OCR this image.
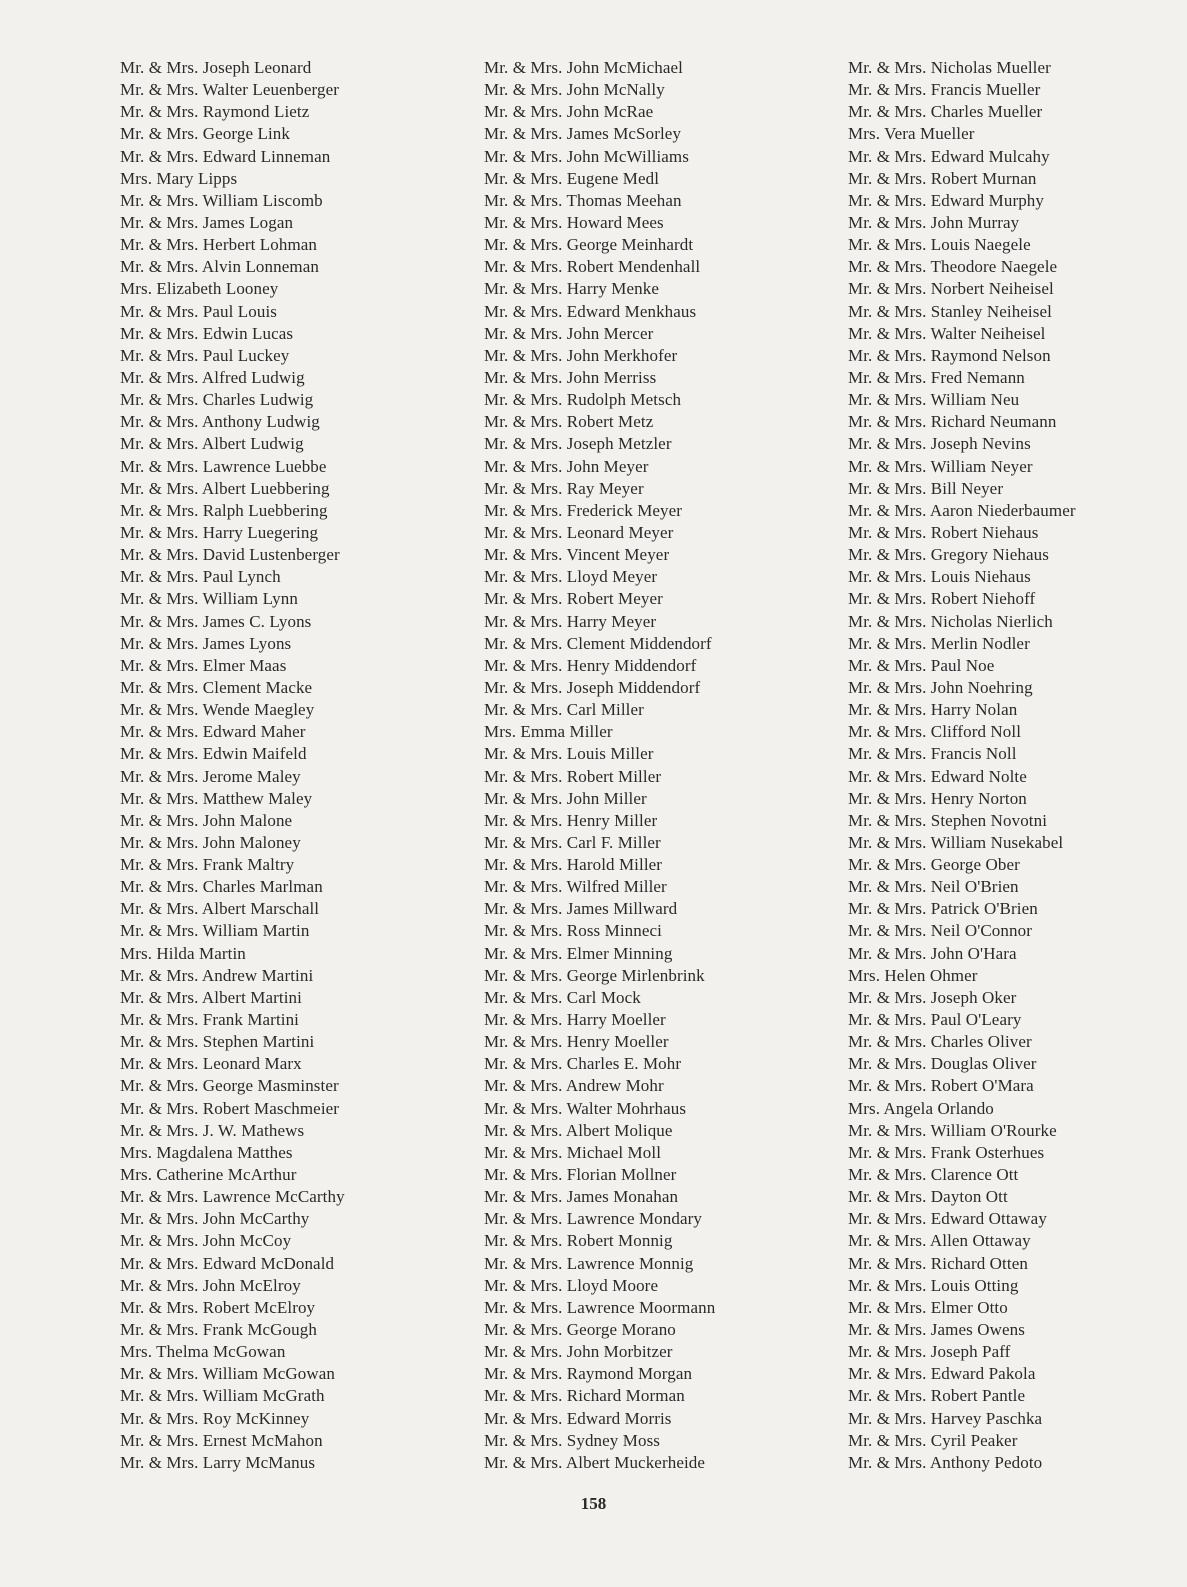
Mr. & Mrs. Joseph Leonard
Mr. & Mrs. Walter Leuenberger
Mr. & Mrs. Raymond Lietz
Mr. & Mrs. George Link
Mr. & Mrs. Edward Linneman
Mrs. Mary Lipps
Mr. & Mrs. William Liscomb
Mr. & Mrs. James Logan
Mr. & Mrs. Herbert Lohman
Mr. & Mrs. Alvin Lonneman
Mrs. Elizabeth Looney
Mr. & Mrs. Paul Louis
Mr. & Mrs. Edwin Lucas
Mr. & Mrs. Paul Luckey
Mr. & Mrs. Alfred Ludwig
Mr. & Mrs. Charles Ludwig
Mr. & Mrs. Anthony Ludwig
Mr. & Mrs. Albert Ludwig
Mr. & Mrs. Lawrence Luebbe
Mr. & Mrs. Albert Luebbering
Mr. & Mrs. Ralph Luebbering
Mr. & Mrs. Harry Luegering
Mr. & Mrs. David Lustenberger
Mr. & Mrs. Paul Lynch
Mr. & Mrs. William Lynn
Mr. & Mrs. James C. Lyons
Mr. & Mrs. James Lyons
Mr. & Mrs. Elmer Maas
Mr. & Mrs. Clement Macke
Mr. & Mrs. Wende Maegley
Mr. & Mrs. Edward Maher
Mr. & Mrs. Edwin Maifeld
Mr. & Mrs. Jerome Maley
Mr. & Mrs. Matthew Maley
Mr. & Mrs. John Malone
Mr. & Mrs. John Maloney
Mr. & Mrs. Frank Maltry
Mr. & Mrs. Charles Marlman
Mr. & Mrs. Albert Marschall
Mr. & Mrs. William Martin
Mrs. Hilda Martin
Mr. & Mrs. Andrew Martini
Mr. & Mrs. Albert Martini
Mr. & Mrs. Frank Martini
Mr. & Mrs. Stephen Martini
Mr. & Mrs. Leonard Marx
Mr. & Mrs. George Masminster
Mr. & Mrs. Robert Maschmeier
Mr. & Mrs. J. W. Mathews
Mrs. Magdalena Matthes
Mrs. Catherine McArthur
Mr. & Mrs. Lawrence McCarthy
Mr. & Mrs. John McCarthy
Mr. & Mrs. John McCoy
Mr. & Mrs. Edward McDonald
Mr. & Mrs. John McElroy
Mr. & Mrs. Robert McElroy
Mr. & Mrs. Frank McGough
Mrs. Thelma McGowan
Mr. & Mrs. William McGowan
Mr. & Mrs. William McGrath
Mr. & Mrs. Roy McKinney
Mr. & Mrs. Ernest McMahon
Mr. & Mrs. Larry McManus
Mr. & Mrs. John McMichael
Mr. & Mrs. John McNally
Mr. & Mrs. John McRae
Mr. & Mrs. James McSorley
Mr. & Mrs. John McWilliams
Mr. & Mrs. Eugene Medl
Mr. & Mrs. Thomas Meehan
Mr. & Mrs. Howard Mees
Mr. & Mrs. George Meinhardt
Mr. & Mrs. Robert Mendenhall
Mr. & Mrs. Harry Menke
Mr. & Mrs. Edward Menkhaus
Mr. & Mrs. John Mercer
Mr. & Mrs. John Merkhofer
Mr. & Mrs. John Merriss
Mr. & Mrs. Rudolph Metsch
Mr. & Mrs. Robert Metz
Mr. & Mrs. Joseph Metzler
Mr. & Mrs. John Meyer
Mr. & Mrs. Ray Meyer
Mr. & Mrs. Frederick Meyer
Mr. & Mrs. Leonard Meyer
Mr. & Mrs. Vincent Meyer
Mr. & Mrs. Lloyd Meyer
Mr. & Mrs. Robert Meyer
Mr. & Mrs. Harry Meyer
Mr. & Mrs. Clement Middendorf
Mr. & Mrs. Henry Middendorf
Mr. & Mrs. Joseph Middendorf
Mr. & Mrs. Carl Miller
Mrs. Emma Miller
Mr. & Mrs. Louis Miller
Mr. & Mrs. Robert Miller
Mr. & Mrs. John Miller
Mr. & Mrs. Henry Miller
Mr. & Mrs. Carl F. Miller
Mr. & Mrs. Harold Miller
Mr. & Mrs. Wilfred Miller
Mr. & Mrs. James Millward
Mr. & Mrs. Ross Minneci
Mr. & Mrs. Elmer Minning
Mr. & Mrs. George Mirlenbrink
Mr. & Mrs. Carl Mock
Mr. & Mrs. Harry Moeller
Mr. & Mrs. Henry Moeller
Mr. & Mrs. Charles E. Mohr
Mr. & Mrs. Andrew Mohr
Mr. & Mrs. Walter Mohrhaus
Mr. & Mrs. Albert Molique
Mr. & Mrs. Michael Moll
Mr. & Mrs. Florian Mollner
Mr. & Mrs. James Monahan
Mr. & Mrs. Lawrence Mondary
Mr. & Mrs. Robert Monnig
Mr. & Mrs. Lawrence Monnig
Mr. & Mrs. Lloyd Moore
Mr. & Mrs. Lawrence Moormann
Mr. & Mrs. George Morano
Mr. & Mrs. John Morbitzer
Mr. & Mrs. Raymond Morgan
Mr. & Mrs. Richard Morman
Mr. & Mrs. Edward Morris
Mr. & Mrs. Sydney Moss
Mr. & Mrs. Albert Muckerheide
Mr. & Mrs. Nicholas Mueller
Mr. & Mrs. Francis Mueller
Mr. & Mrs. Charles Mueller
Mrs. Vera Mueller
Mr. & Mrs. Edward Mulcahy
Mr. & Mrs. Robert Murnan
Mr. & Mrs. Edward Murphy
Mr. & Mrs. John Murray
Mr. & Mrs. Louis Naegele
Mr. & Mrs. Theodore Naegele
Mr. & Mrs. Norbert Neiheisel
Mr. & Mrs. Stanley Neiheisel
Mr. & Mrs. Walter Neiheisel
Mr. & Mrs. Raymond Nelson
Mr. & Mrs. Fred Nemann
Mr. & Mrs. William Neu
Mr. & Mrs. Richard Neumann
Mr. & Mrs. Joseph Nevins
Mr. & Mrs. William Neyer
Mr. & Mrs. Bill Neyer
Mr. & Mrs. Aaron Niederbaumer
Mr. & Mrs. Robert Niehaus
Mr. & Mrs. Gregory Niehaus
Mr. & Mrs. Louis Niehaus
Mr. & Mrs. Robert Niehoff
Mr. & Mrs. Nicholas Nierlich
Mr. & Mrs. Merlin Nodler
Mr. & Mrs. Paul Noe
Mr. & Mrs. John Noehring
Mr. & Mrs. Harry Nolan
Mr. & Mrs. Clifford Noll
Mr. & Mrs. Francis Noll
Mr. & Mrs. Edward Nolte
Mr. & Mrs. Henry Norton
Mr. & Mrs. Stephen Novotni
Mr. & Mrs. William Nusekabel
Mr. & Mrs. George Ober
Mr. & Mrs. Neil O'Brien
Mr. & Mrs. Patrick O'Brien
Mr. & Mrs. Neil O'Connor
Mr. & Mrs. John O'Hara
Mrs. Helen Ohmer
Mr. & Mrs. Joseph Oker
Mr. & Mrs. Paul O'Leary
Mr. & Mrs. Charles Oliver
Mr. & Mrs. Douglas Oliver
Mr. & Mrs. Robert O'Mara
Mrs. Angela Orlando
Mr. & Mrs. William O'Rourke
Mr. & Mrs. Frank Osterhues
Mr. & Mrs. Clarence Ott
Mr. & Mrs. Dayton Ott
Mr. & Mrs. Edward Ottaway
Mr. & Mrs. Allen Ottaway
Mr. & Mrs. Richard Otten
Mr. & Mrs. Louis Otting
Mr. & Mrs. Elmer Otto
Mr. & Mrs. James Owens
Mr. & Mrs. Joseph Paff
Mr. & Mrs. Edward Pakola
Mr. & Mrs. Robert Pantle
Mr. & Mrs. Harvey Paschka
Mr. & Mrs. Cyril Peaker
Mr. & Mrs. Anthony Pedoto
158
